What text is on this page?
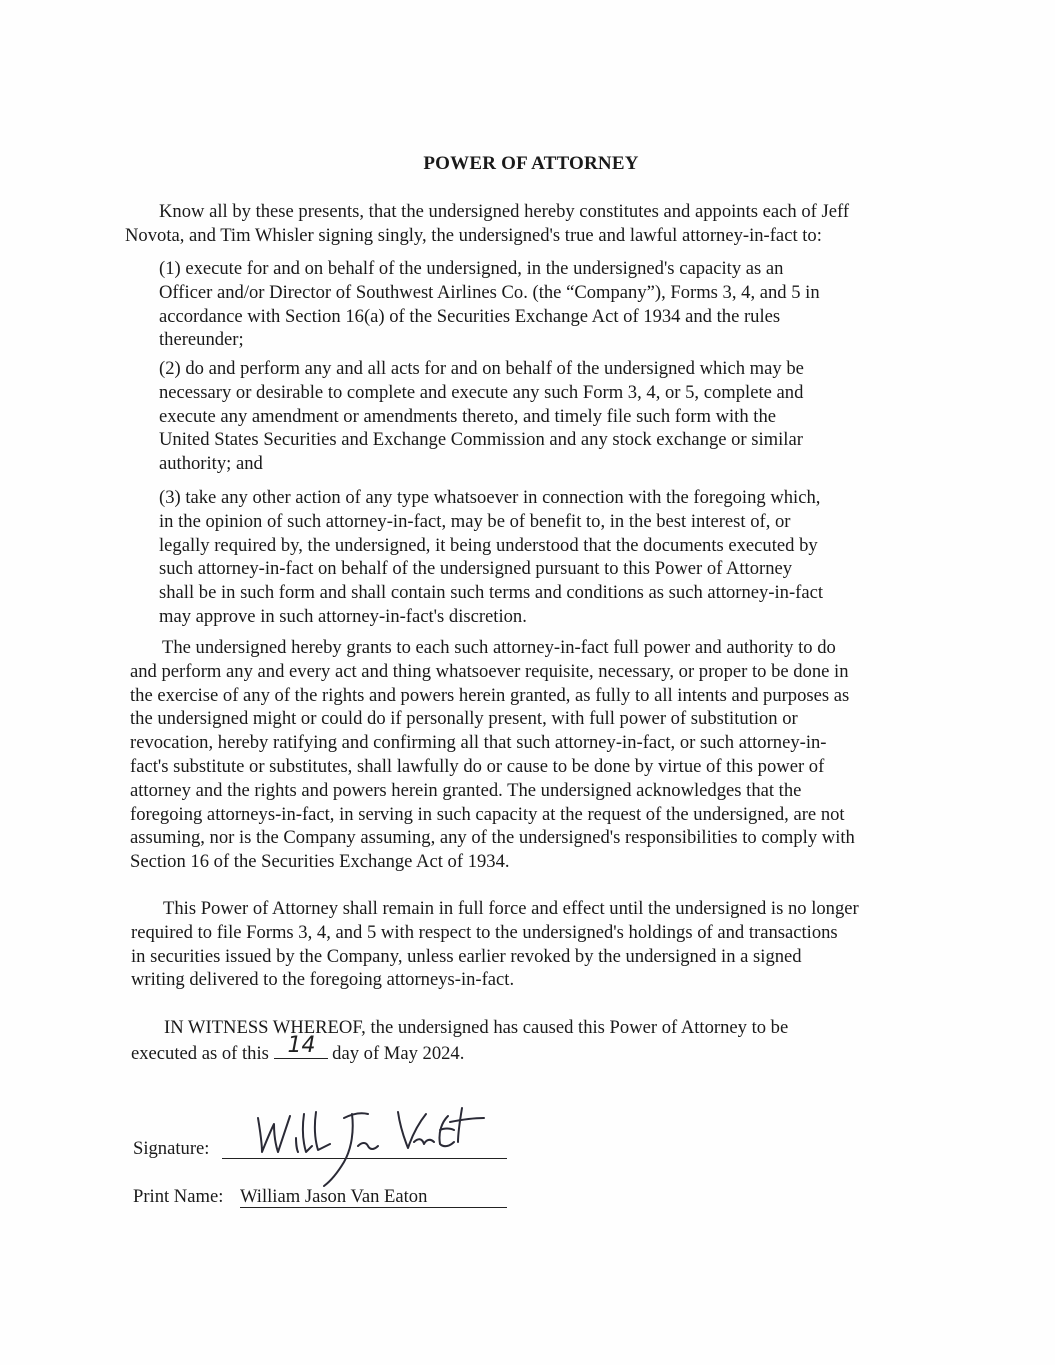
POWER OF ATTORNEY
Know all by these presents, that the undersigned hereby constitutes and appoints each of Jeff
Novota, and Tim Whisler signing singly, the undersigned's true and lawful attorney-in-fact to:
(1) execute for and on behalf of the undersigned, in the undersigned's capacity as an
Officer and/or Director of Southwest Airlines Co. (the “Company”), Forms 3, 4, and 5 in
accordance with Section 16(a) of the Securities Exchange Act of 1934 and the rules
thereunder;
(2) do and perform any and all acts for and on behalf of the undersigned which may be
necessary or desirable to complete and execute any such Form 3, 4, or 5, complete and
execute any amendment or amendments thereto, and timely file such form with the
United States Securities and Exchange Commission and any stock exchange or similar
authority; and
(3) take any other action of any type whatsoever in connection with the foregoing which,
in the opinion of such attorney-in-fact, may be of benefit to, in the best interest of, or
legally required by, the undersigned, it being understood that the documents executed by
such attorney-in-fact on behalf of the undersigned pursuant to this Power of Attorney
shall be in such form and shall contain such terms and conditions as such attorney-in-fact
may approve in such attorney-in-fact's discretion.
The undersigned hereby grants to each such attorney-in-fact full power and authority to do
and perform any and every act and thing whatsoever requisite, necessary, or proper to be done in
the exercise of any of the rights and powers herein granted, as fully to all intents and purposes as
the undersigned might or could do if personally present, with full power of substitution or
revocation, hereby ratifying and confirming all that such attorney-in-fact, or such attorney-in-
fact's substitute or substitutes, shall lawfully do or cause to be done by virtue of this power of
attorney and the rights and powers herein granted. The undersigned acknowledges that the
foregoing attorneys-in-fact, in serving in such capacity at the request of the undersigned, are not
assuming, nor is the Company assuming, any of the undersigned's responsibilities to comply with
Section 16 of the Securities Exchange Act of 1934.
This Power of Attorney shall remain in full force and effect until the undersigned is no longer
required to file Forms 3, 4, and 5 with respect to the undersigned's holdings of and transactions
in securities issued by the Company, unless earlier revoked by the undersigned in a signed
writing delivered to the foregoing attorneys-in-fact.
IN WITNESS WHEREOF, the undersigned has caused this Power of Attorney to be
executed as of this 14 day of May 2024.
Signature:
Print Name: William Jason Van Eaton
